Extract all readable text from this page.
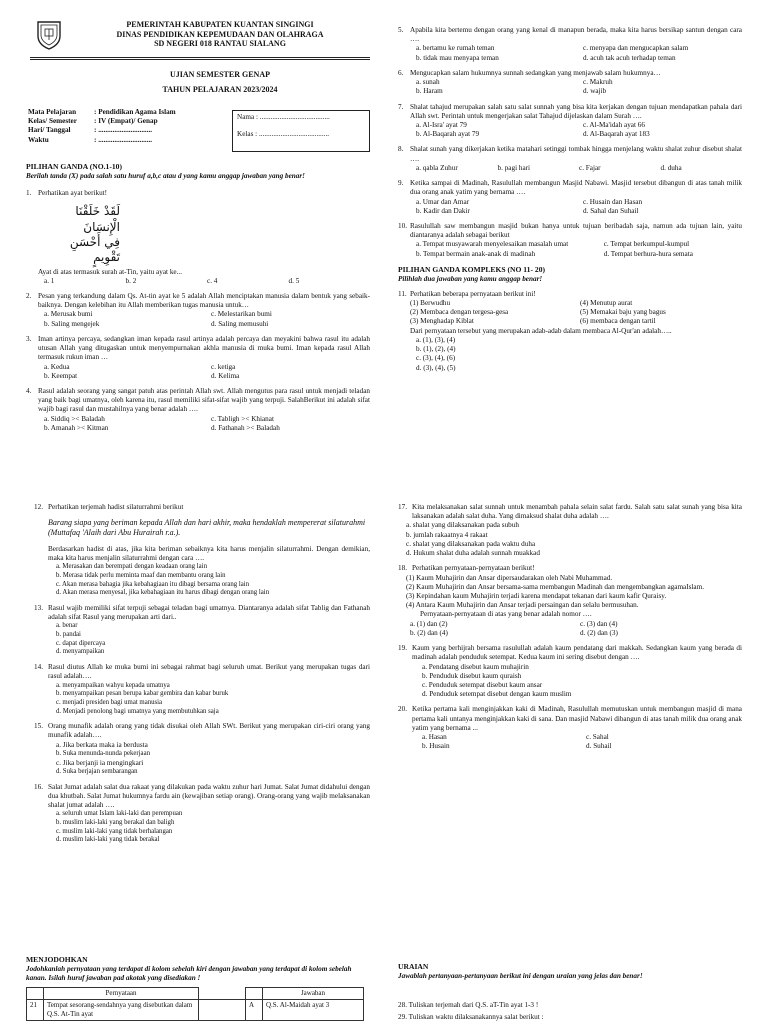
PEMERINTAH KABUPATEN KUANTAN SINGINGI
DINAS PENDIDIKAN KEPEMUDAAN DAN OLAHRAGA
SD NEGERI 018 RANTAU SIALANG
UJIAN SEMESTER GENAP
TAHUN PELAJARAN 2023/2024
Mata Pelajaran	: Pendidikan Agama Islam
Kelas/ Semester	: IV (Empat)/ Genap
Hari/ Tanggal	: ..............................
Waktu	: ..............................
Nama : .......................................
Kelas : .......................................
PILIHAN GANDA (NO.1-10)
Berilah tanda (X) pada salah satu huruf a,b,c atau d yang kamu anggap jawaban yang benar!
1. Perhatikan ayat berikut!
لَقَدْ خَلَقْنَا الْإِنسَانَ فِي أَحْسَنِ تَقْوِيمٍ
Ayat di atas termasuk surah at-Tin, yaitu ayat ke...
a. 1	b. 2	c. 4	d. 5
2. Pesan yang terkandung dalam Qs. At-tin ayat ke 5 adalah Allah menciptakan manusia dalam bentuk yang sebaik-baiknya. Dengan kelebihan itu Allah memberikan tugas manusia untuk…
a. Merusak bumi	c. Melestarikan bumi
b. Saling mengejek	d. Saling memusuhi
3. Iman artinya percaya, sedangkan iman kepada rasul artinya adalah percaya dan meyakini bahwa rasul itu adalah utusan Allah yang ditugaskan untuk menyempurnakan akhla manusia di muka bumi. Iman kepada rasul Allah termasuk rukun iman …
a. Kedua	c. ketiga
b. Keempat	d. Kelima
4. Rasul adalah seorang yang sangat patuh atas perintah Allah swt. Allah mengutus para rasul untuk menjadi teladan yang baik bagi umatnya, oleh karena itu, rasul memiliki sifat-sifat wajib yang terpuji. SalahBerikut ini adalah sifat wajib bagi rasul dan mustahilnya yang benar adalah ….
a. Siddiq >< Baladah	c. Tabligh >< Khianat
b. Amanah >< Kitman	d. Fathanah >< Baladah
5. Apabila kita bertemu dengan orang yang kenal di manapun berada, maka kita harus bersikap santun dengan cara ….
a. bertamu ke rumah teman	c. menyapa dan mengucapkan salam
b. tidak mau menyapa teman	d. acuh tak acuh terhadap teman
6. Mengucapkan salam hukumnya sunnah sedangkan yang menjawab salam hukumnya…
a. sunah	c. Makruh
b. Haram	d. wajib
7. Shalat tahajud merupakan salah satu salat sunnah yang bisa kita kerjakan dengan tujuan mendapatkan pahala dari Allah swt. Perintah untuk mengerjakan salat Tahajud dijelaskan dalam Surah ….
a. Al-Isra' ayat 79	c. Al-Ma'idah ayat 66
b. Al-Baqarah ayat 79	d. Al-Baqarah ayat 183
8. Shalat sunah yang dikerjakan ketika matahari setinggi tombak hingga menjelang waktu shalat zuhur disebut shalat ….
a. qabla Zuhur	b. pagi hari	c. Fajar	d. duha
9. Ketika sampai di Madinah, Rasulullah membangun Masjid Nabawi. Masjid tersebut dibangun di atas tanah milik dua orang anak yatim yang bernama ….
a. Umar dan Amar	c. Husain dan Hasan
b. Kadir dan Dakir	d. Sahal dan Suhail
10. Rasulullah saw membangun masjid bukan hanya untuk tujuan beribadah saja, namun ada tujuan lain, yaitu diantaranya adalah sebagai berikut
a. Tempat musyawarah menyelesaikan masalah umat	c. Tempat berkumpul-kumpul
b. Tempat bermain anak-anak di madinah	d. Tempat berhura-hura semata
PILIHAN GANDA KOMPLEKS (NO 11- 20)
Pilihlah dua jawaban yang kamu anggap benar!
11. Perhatikan beberapa pernyataan berikut ini!
(1) Berwudhu	(4) Menutup aurat
(2) Membaca dengan tergesa-gesa	(5) Memakai baju yang bagus
(3) Menghadap Kiblat	(6) membaca dengan tartil
Dari pernyataan tersebut yang merupakan adab-adab dalam membaca Al-Qur'an adalah…..
a. (1), (3), (4)
b. (1), (2), (4)
c. (3), (4), (6)
d. (3), (4), (5)
12. Perhatikan terjemah hadist silaturrahmi berikut
Barang siapa yang beriman kepada Allah dan hari akhir, maka hendaklah mempererat silaturahmi (Muttafaq 'Alaih dari Abu Hurairah r.a.).
Berdasarkan hadist di atas, jika kita beriman sebaiknya kita harus menjalin silaturrahmi. Dengan demikian, maka kita harus menjalin silaturrahmi dengan cara ….
a. Merasakan dan berempati dengan keadaan orang lain
b. Merasa tidak perlu meminta maaf dan membantu orang lain
c. Akan merasa bahagia jika kebahagiaan itu dibagi bersama orang lain
d. Akan merasa menyesal, jika kebahagiaan itu harus dibagi dengan orang lain
13. Rasul wajib memiliki sifat terpuji sebagai teladan bagi umatnya. Diantaranya adalah sifat Tablig dan Fathanah adalah sifat Rasul yang merupakan arti dari..
a. benar
b. pandai
c. dapat dipercaya
d. menyampaikan
14. Rasul diutus Allah ke muka bumi ini sebagai rahmat bagi seluruh umat. Berikut yang merupakan tugas dari rasul adalah….
a. menyampaikan wahyu kepada umatnya
b. menyampaikan pesan berupa kabar gembira dan kabar buruk
c. menjadi presiden bagi umat manusia
d. Menjadi penolong bagi umatnya yang membutuhkan saja
15. Orang munafik adalah orang yang tidak disukai oleh Allah SWt. Berikut yang merupakan ciri-ciri orang yang munafik adalah….
a. Jika berkata maka ia berdusta
b. Suka menunda-nunda pekerjaan
c. Jika berjanji ia mengingkari
d. Suka berjajan sembarangan
16. Salat Jumat adalah salat dua rakaat yang dilakukan pada waktu zuhur hari Jumat. Salat Jumat didahului dengan dua khutbah. Salat Jumat hukumnya fardu ain (kewajiban setiap orang). Orang-orang yang wajib melaksanakan shalat jumat adalah ….
a. seluruh umat Islam laki-laki dan perempuan
b. muslim laki-laki yang berakal dan baligh
c. muslim laki-laki yang tidak berhalangan
d. muslim laki-laki yang tidak berakal
17. Kita melaksanakan salat sunnah untuk menambah pahala selain salat fardu. Salah satu salat sunah yang bisa kita laksanakan adalah salat duha. Yang dimaksud shalat duha adalah ….
a. shalat yang dilaksanakan pada subuh
b. jumlah rakaatnya 4 rakaat
c. shalat yang dilaksanakan pada waktu duha
d. Hukum shalat duha adalah sunnah muakkad
18. Perhatikan pernyataan-pernyataan berikut!
(1) Kaum Muhajirin dan Ansar dipersaudarakan oleh Nabi Muhammad.
(2) Kaum Muhajirin dan Ansar bersama-sama membangun Madinah dan mengembangkan agamaIslam.
(3) Kepindahan kaum Muhajirin terjadi karena mendapat tekanan dari kaum kafir Quraisy.
(4) Antara Kaum Muhajirin dan Ansar terjadi persaingan dan selalu bermusuhan.
Pernyataan-pernyataan di atas yang benar adalah nomor ….
a. (1) dan (2)	c. (3) dan (4)
b. (2) dan (4)	d. (2) dan (3)
19. Kaum yang berhijrah bersama rasulullah adalah kaum pendatang dari makkah. Sedangkan kaum yang berada di madinah adalah penduduk setempat. Kedua kaum ini sering disebut dengan ….
a. Pendatang disebut kaum muhajirin
b. Penduduk disebut kaum quraish
c. Penduduk setempat disebut kaum ansar
d. Penduduk setempat disebut dengan kaum muslim
20. Ketika pertama kali menginjakkan kaki di Madinah, Rasulullah memutuskan untuk membangun masjid di mana pertama kali untanya menginjakkan kaki di sana. Dan masjid Nabawi dibangun di atas tanah milik dua orang anak yatim yang bernama ...
a. Hasan	c. Sahal
b. Husain	d. Suhail
MENJODOHKAN
Jodohkanlah pernyataan yang terdapat di kolom sebelah kiri dengan jawaban yang terdapat di kolom sebelah kanan. Isilah huruf jawaban pad akotak yang disediakan !
	Pernyataan			Jawaban
21	Tempat sesorang-sendahnya yang disebutkan dalam Q.S. At-Tin ayat		A	Q.S. Al-Maidah ayat 3
URAIAN
Jawablah pertanyaan-pertanyaan berikut ini dengan uraian yang jelas dan benar!
28. Tuliskan terjemah dari Q.S. aT-Tin ayat 1-3 !
29. Tuliskan waktu dilaksanakannya salat berikut :
